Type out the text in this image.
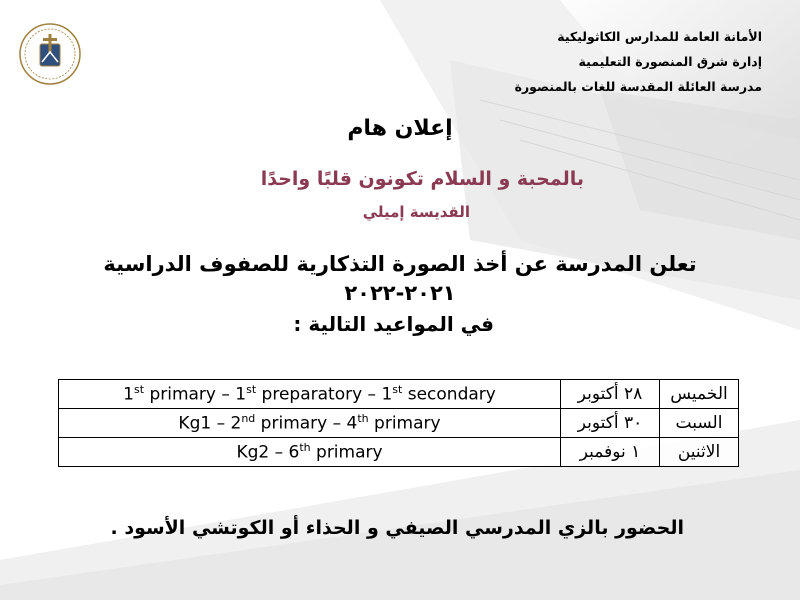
الأمانة العامة للمدارس الكاثوليكية
إدارة شرق المنصورة التعليمية
مدرسة العائلة المقدسة للغات بالمنصورة
إعلان هام
بالمحبة و السلام تكونون قلبًا واحدًا
القديسة إميلي
تعلن المدرسة عن أخذ الصورة التذكارية للصفوف الدراسية
٢٠٢١-٢٠٢٢
في المواعيد التالية :
الخميس	٢٨ أكتوبر	1st primary – 1st preparatory – 1st secondary
السبت	٣٠ أكتوبر	Kg1 – 2nd primary – 4th primary
الاثنين	١ نوفمبر	Kg2 – 6th primary
الحضور بالزي المدرسي الصيفي و الحذاء أو الكوتشي الأسود .
